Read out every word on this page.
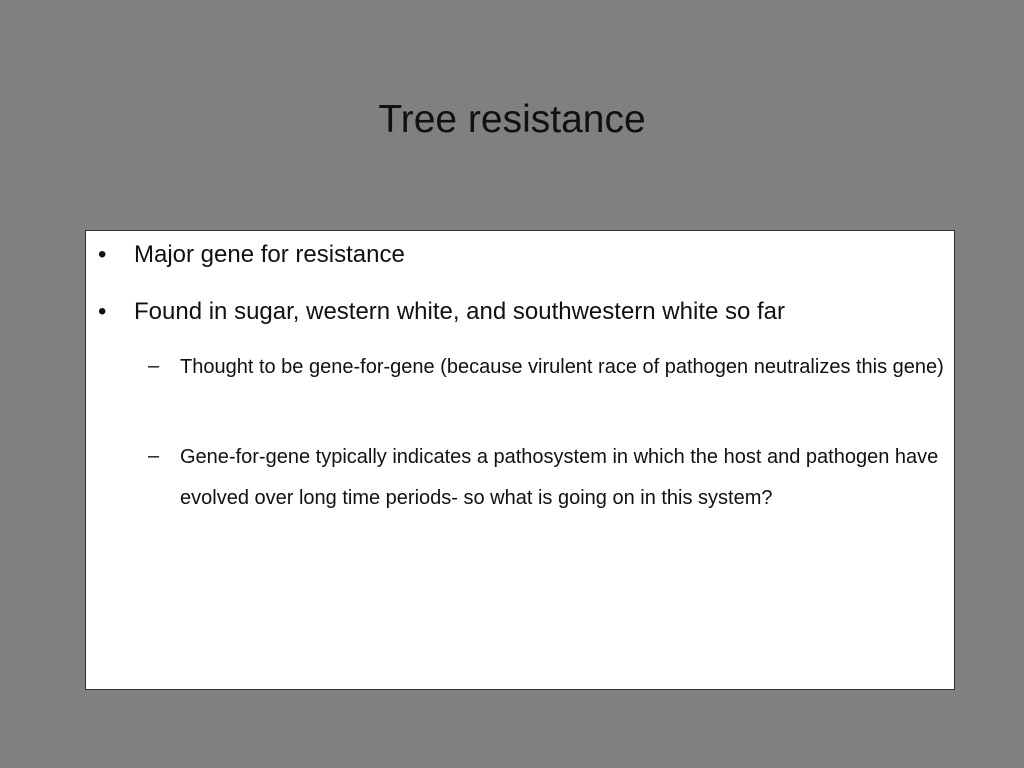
Tree resistance
• Major gene for resistance
• Found in sugar, western white, and southwestern white so far
– Thought to be gene-for-gene (because virulent race of pathogen neutralizes this gene)
– Gene-for-gene typically indicates a pathosystem in which the host and pathogen have evolved over long time periods- so what is going on in this system?
